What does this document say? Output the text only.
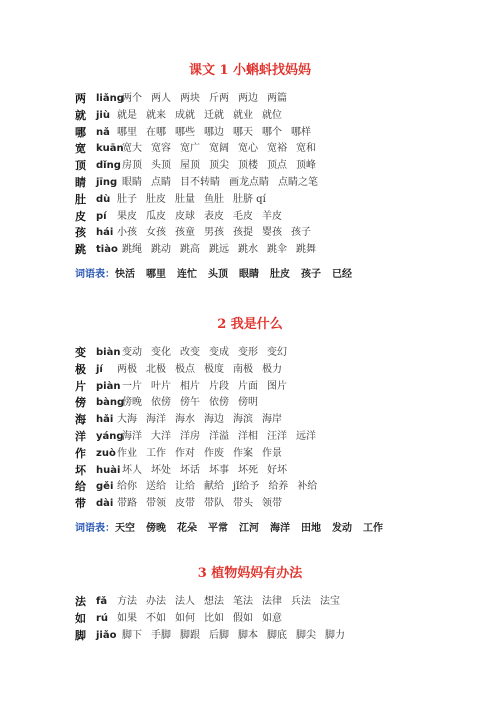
课文 1 小蝌蚪找妈妈
两 liǎng
两个 两人 两块 斤两 两边 两篇
就 jiù 就是 就来 成就 迁就 就业 就位
哪 nǎ 哪里 在哪 哪些 哪边 哪天 哪个 哪样
宽 kuān
宽大 宽容 宽广 宽阔 宽心 宽裕 宽和
顶 dǐng 房顶 头顶 屋顶 顶尖 顶楼 顶点 顶峰
睛 jīng 眼睛 点睛 目不转睛 画龙点睛 点睛之笔
肚 dù 肚子 肚皮 肚量 鱼肚 肚脐 qí
皮 pí 果皮 瓜皮 皮球 表皮 毛皮 羊皮
孩 hái 小孩 女孩 孩童 男孩 孩提 婴孩 孩子
跳 tiào 跳绳 跳动 跳高 跳远 跳水 跳伞 跳舞
词语表：快活 哪里 连忙 头顶 眼睛 肚皮 孩子 已经
2 我是什么
变 biàn 变动 变化 改变 变成 变形 变幻
极 jí 两极 北极 极点 极度 南极 极力
片 piàn 一片 叶片 相片 片段 片面 图片
傍 bàng
傍晚 依傍 傍午 依傍 傍明
海 hǎi 大海 海洋 海水 海边 海滨 海岸
洋 yáng
海洋 大洋 洋房 洋溢 洋相 汪洋 远洋
作 zuò 作业 工作 作对 作废 作案 作景
坏 huài 坏人 坏处 坏话 坏事 坏死 好坏
给 gěi 给你 送给 让给 献给 jǐ给予 给养 补给
带 dài 带路 带领 皮带 带队 带头 领带
词语表：天空 傍晚 花朵 平常 江河 海洋 田地 发动 工作
3 植物妈妈有办法
法 fǎ 方法 办法 法人 想法 笔法 法律 兵法 法宝
如 rú 如果 不如 如何 比如 假如 如意
脚 jiǎo 脚下 手脚 脚跟 后脚 脚本 脚底 脚尖 脚力
